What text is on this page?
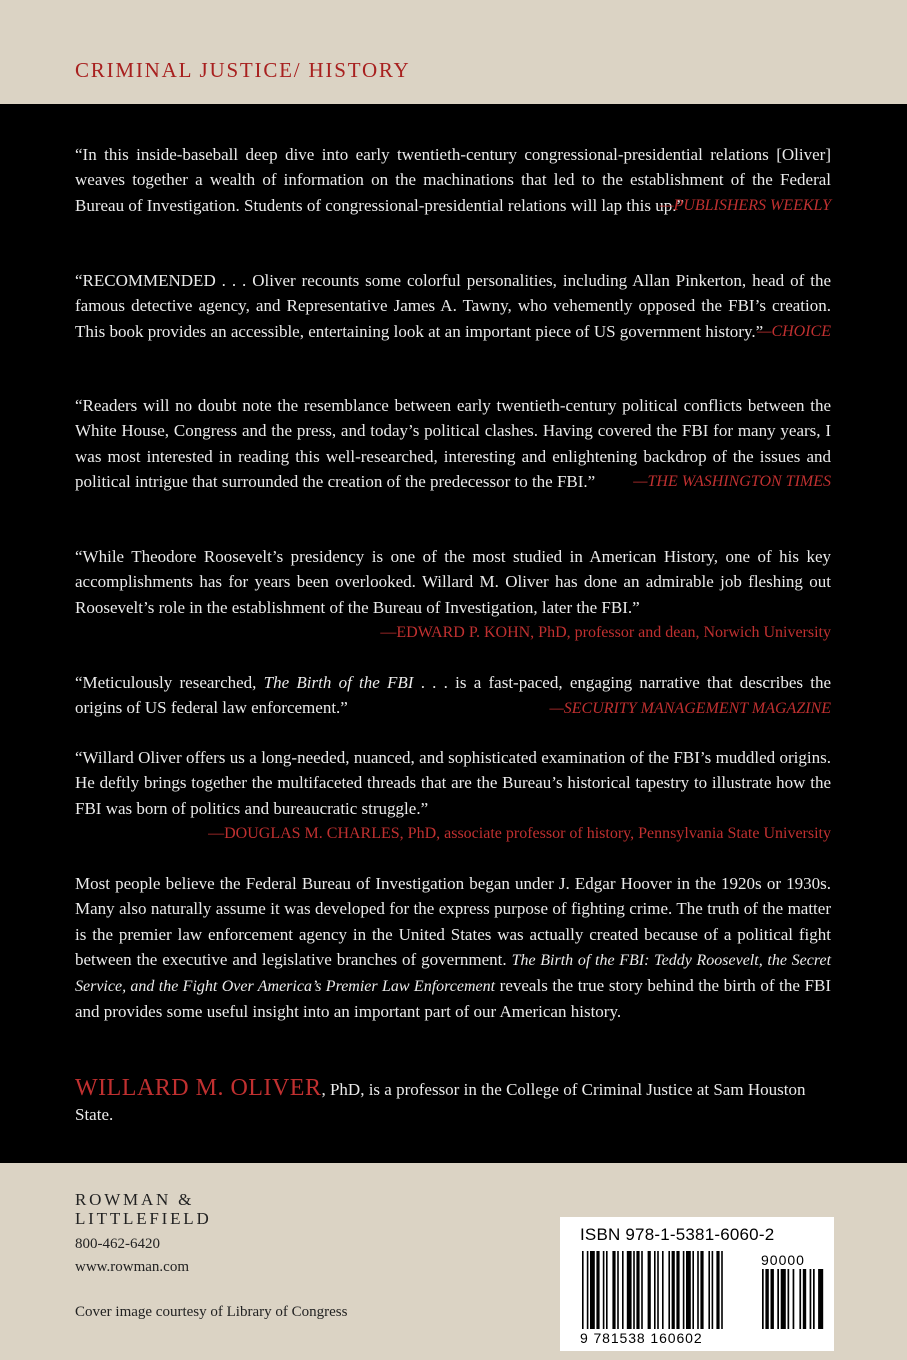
CRIMINAL JUSTICE/ HISTORY
“In this inside-baseball deep dive into early twentieth-century congressional-presidential relations [Oliver] weaves together a wealth of information on the machinations that led to the establishment of the Federal Bureau of Investigation. Students of congressional-presidential relations will lap this up.”
—PUBLISHERS WEEKLY
“RECOMMENDED . . . Oliver recounts some colorful personalities, including Allan Pinkerton, head of the famous detective agency, and Representative James A. Tawny, who vehemently opposed the FBI’s creation. This book provides an accessible, entertaining look at an important piece of US government history.”
—CHOICE
“Readers will no doubt note the resemblance between early twentieth-century political conflicts between the White House, Congress and the press, and today’s political clashes. Having covered the FBI for many years, I was most interested in reading this well-researched, interesting and enlightening backdrop of the issues and political intrigue that surrounded the creation of the predecessor to the FBI.”	—THE WASHINGTON TIMES
“While Theodore Roosevelt’s presidency is one of the most studied in American History, one of his key accomplishments has for years been overlooked. Willard M. Oliver has done an admirable job fleshing out Roosevelt’s role in the establishment of the Bureau of Investigation, later the FBI.”
—EDWARD P. KOHN, PhD, professor and dean, Norwich University
“Meticulously researched, The Birth of the FBI . . . is a fast-paced, engaging narrative that describes the origins of US federal law enforcement.”	—SECURITY MANAGEMENT MAGAZINE
“Willard Oliver offers us a long-needed, nuanced, and sophisticated examination of the FBI’s muddled origins. He deftly brings together the multifaceted threads that are the Bureau’s historical tapestry to illustrate how the FBI was born of politics and bureaucratic struggle.”
—DOUGLAS M. CHARLES, PhD, associate professor of history, Pennsylvania State University
Most people believe the Federal Bureau of Investigation began under J. Edgar Hoover in the 1920s or 1930s. Many also naturally assume it was developed for the express purpose of fighting crime. The truth of the matter is the premier law enforcement agency in the United States was actually created because of a political fight between the executive and legislative branches of government. The Birth of the FBI: Teddy Roosevelt, the Secret Service, and the Fight Over America’s Premier Law Enforcement reveals the true story behind the birth of the FBI and provides some useful insight into an important part of our American history.
WILLARD M. OLIVER, PhD, is a professor in the College of Criminal Justice at Sam Houston State.
ROWMAN &
LITTLEFIELD
800-462-6420
www.rowman.com
Cover image courtesy of Library of Congress
ISBN 978-1-5381-6060-2
90000
9 781538 160602
